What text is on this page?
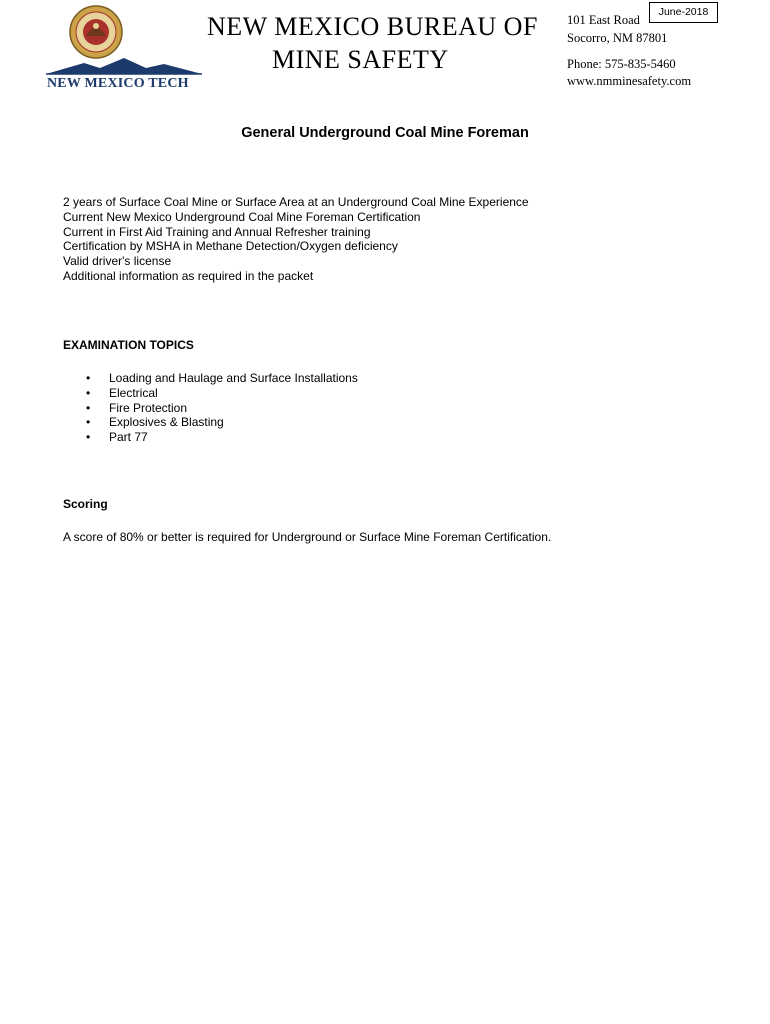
NEW MEXICO TECH
NEW MEXICO BUREAU OF
MINE SAFETY
101 East Road
Socorro, NM 87801
Phone: 575-835-5460
www.nmminesafety.com
June-2018
General Underground Coal Mine Foreman
2 years of Surface Coal Mine or Surface Area at an Underground Coal Mine Experience
Current New Mexico Underground Coal Mine Foreman Certification
Current in First Aid Training and Annual Refresher training
Certification by MSHA in Methane Detection/Oxygen deficiency
Valid driver's license
Additional information as required in the packet
EXAMINATION TOPICS
• Loading and Haulage and Surface Installations
• Electrical
• Fire Protection
• Explosives & Blasting
• Part 77
Scoring
A score of 80% or better is required for Underground or Surface Mine Foreman Certification.
